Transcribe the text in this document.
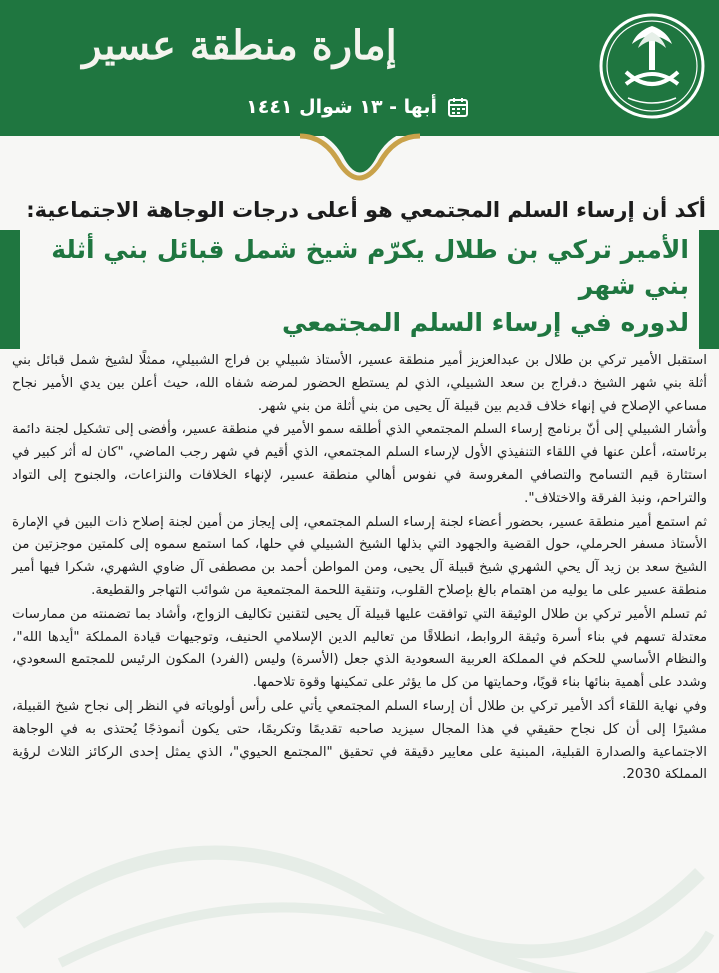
إمارة منطقة عسير
أبها - ١٣ شوال ١٤٤١
أكد أن إرساء السلم المجتمعي هو أعلى درجات الوجاهة الاجتماعية:
الأمير تركي بن طلال يكرّم شيخ شمل قبائل بني أثلة بني شهر
لدوره في إرساء السلم المجتمعي

استقبل الأمير تركي بن طلال بن عبدالعزيز أمير منطقة عسير، الأستاذ شبيلي بن فراج الشبيلي، ممثلًا لشيخ شمل قبائل بني أثلة بني شهر الشيخ د.فراج بن سعد الشبيلي، الذي لم يستطع الحضور لمرضه شفاه الله، حيث أعلن بين يدي الأمير نجاح مساعي الإصلاح في إنهاء خلاف قديم بين قبيلة آل يحيى من بني أثلة من بني شهر.

وأشار الشبيلي إلى أنّ برنامج إرساء السلم المجتمعي الذي أطلقه سمو الأمير في منطقة عسير، وأفضى إلى تشكيل لجنة دائمة برئاسته، أعلن عنها في اللقاء التنفيذي الأول لإرساء السلم المجتمعي، الذي أقيم في شهر رجب الماضي، "كان له أثر كبير في استثارة قيم التسامح والتصافي المغروسة في نفوس أهالي منطقة عسير، لإنهاء الخلافات والنزاعات، والجنوح إلى التواد والتراحم، ونبذ الفرقة والاختلاف".

ثم استمع أمير منطقة عسير، بحضور أعضاء لجنة إرساء السلم المجتمعي، إلى إيجاز من أمين لجنة إصلاح ذات البين في الإمارة الأستاذ مسفر الحرملي، حول القضية والجهود التي بذلها الشيخ الشبيلي في حلها، كما استمع سموه إلى كلمتين موجزتين من الشيخ سعد بن زيد آل يحي الشهري شيخ قبيلة آل يحيى، ومن المواطن أحمد بن مصطفى آل ضاوي الشهري، شكرا فيها أمير منطقة عسير على ما يوليه من اهتمام بالغ بإصلاح القلوب، وتنقية اللحمة المجتمعية من شوائب التهاجر والقطيعة.

ثم تسلم الأمير تركي بن طلال الوثيقة التي توافقت عليها قبيلة آل يحيى لتقنين تكاليف الزواج، وأشاد بما تضمنته من ممارسات معتدلة تسهم في بناء أسرة وثيقة الروابط، انطلاقًا من تعاليم الدين الإسلامي الحنيف، وتوجيهات قيادة المملكة "أيدها الله"، والنظام الأساسي للحكم في المملكة العربية السعودية الذي جعل (الأسرة) وليس (الفرد) المكون الرئيس للمجتمع السعودي، وشدد على أهمية بنائها بناء قويًا، وحمايتها من كل ما يؤثر على تمكينها وقوة تلاحمها.

وفي نهاية اللقاء أكد الأمير تركي بن طلال أن إرساء السلم المجتمعي يأتي على رأس أولوياته في النظر إلى نجاح شيخ القبيلة، مشيرًا إلى أن كل نجاح حقيقي في هذا المجال سيزيد صاحبه تقديمًا وتكريمًا، حتى يكون أنموذجًا يُحتذى به في الوجاهة الاجتماعية والصدارة القبلية، المبنية على معايير دقيقة في تحقيق "المجتمع الحيوي"، الذي يمثل إحدى الركائز الثلاث لرؤية المملكة 2030.
